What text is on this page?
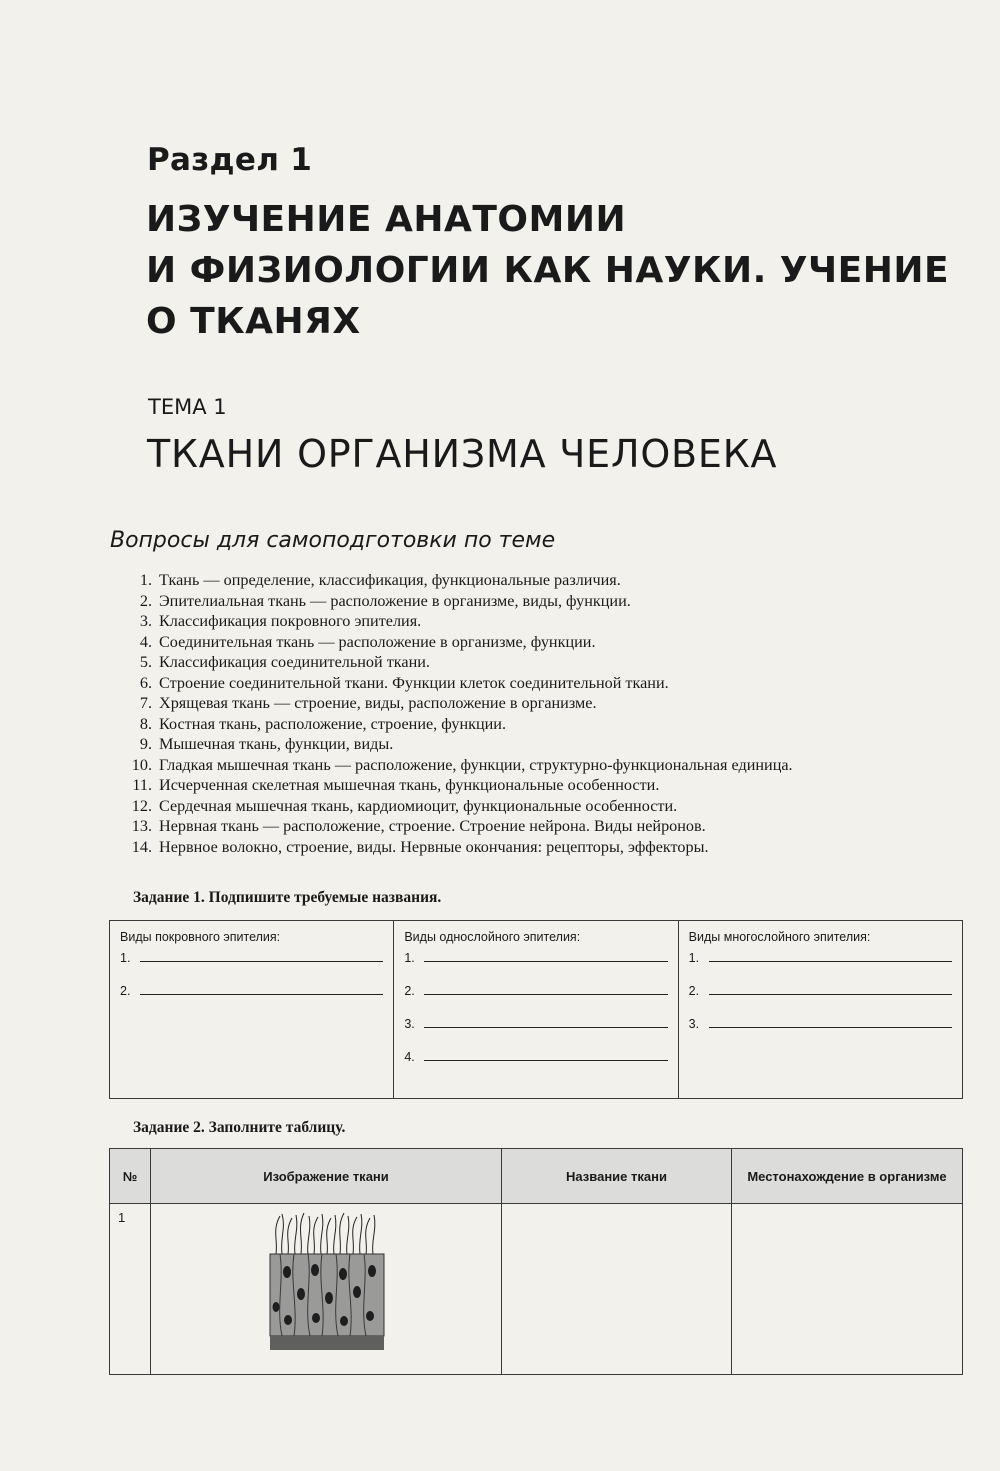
Раздел 1
ИЗУЧЕНИЕ АНАТОМИИ
И ФИЗИОЛОГИИ КАК НАУКИ. УЧЕНИЕ
О ТКАНЯХ
ТЕМА 1
ТКАНИ ОРГАНИЗМА ЧЕЛОВЕКА
Вопросы для самоподготовки по теме
1. Ткань — определение, классификация, функциональные различия.
2. Эпителиальная ткань — расположение в организме, виды, функции.
3. Классификация покровного эпителия.
4. Соединительная ткань — расположение в организме, функции.
5. Классификация соединительной ткани.
6. Строение соединительной ткани. Функции клеток соединительной ткани.
7. Хрящевая ткань — строение, виды, расположение в организме.
8. Костная ткань, расположение, строение, функции.
9. Мышечная ткань, функции, виды.
10. Гладкая мышечная ткань — расположение, функции, структурно-функциональная единица.
11. Исчерченная скелетная мышечная ткань, функциональные особенности.
12. Сердечная мышечная ткань, кардиомиоцит, функциональные особенности.
13. Нервная ткань — расположение, строение. Строение нейрона. Виды нейронов.
14. Нервное волокно, строение, виды. Нервные окончания: рецепторы, эффекторы.
Задание 1. Подпишите требуемые названия.
Виды покровного эпителия:
1.
2.

Виды однослойного эпителия:
1.
2.
3.
4.

Виды многослойного эпителия:
1.
2.
3.
Задание 2. Заполните таблицу.
№	Изображение ткани	Название ткани	Местонахождение в организме
1	
